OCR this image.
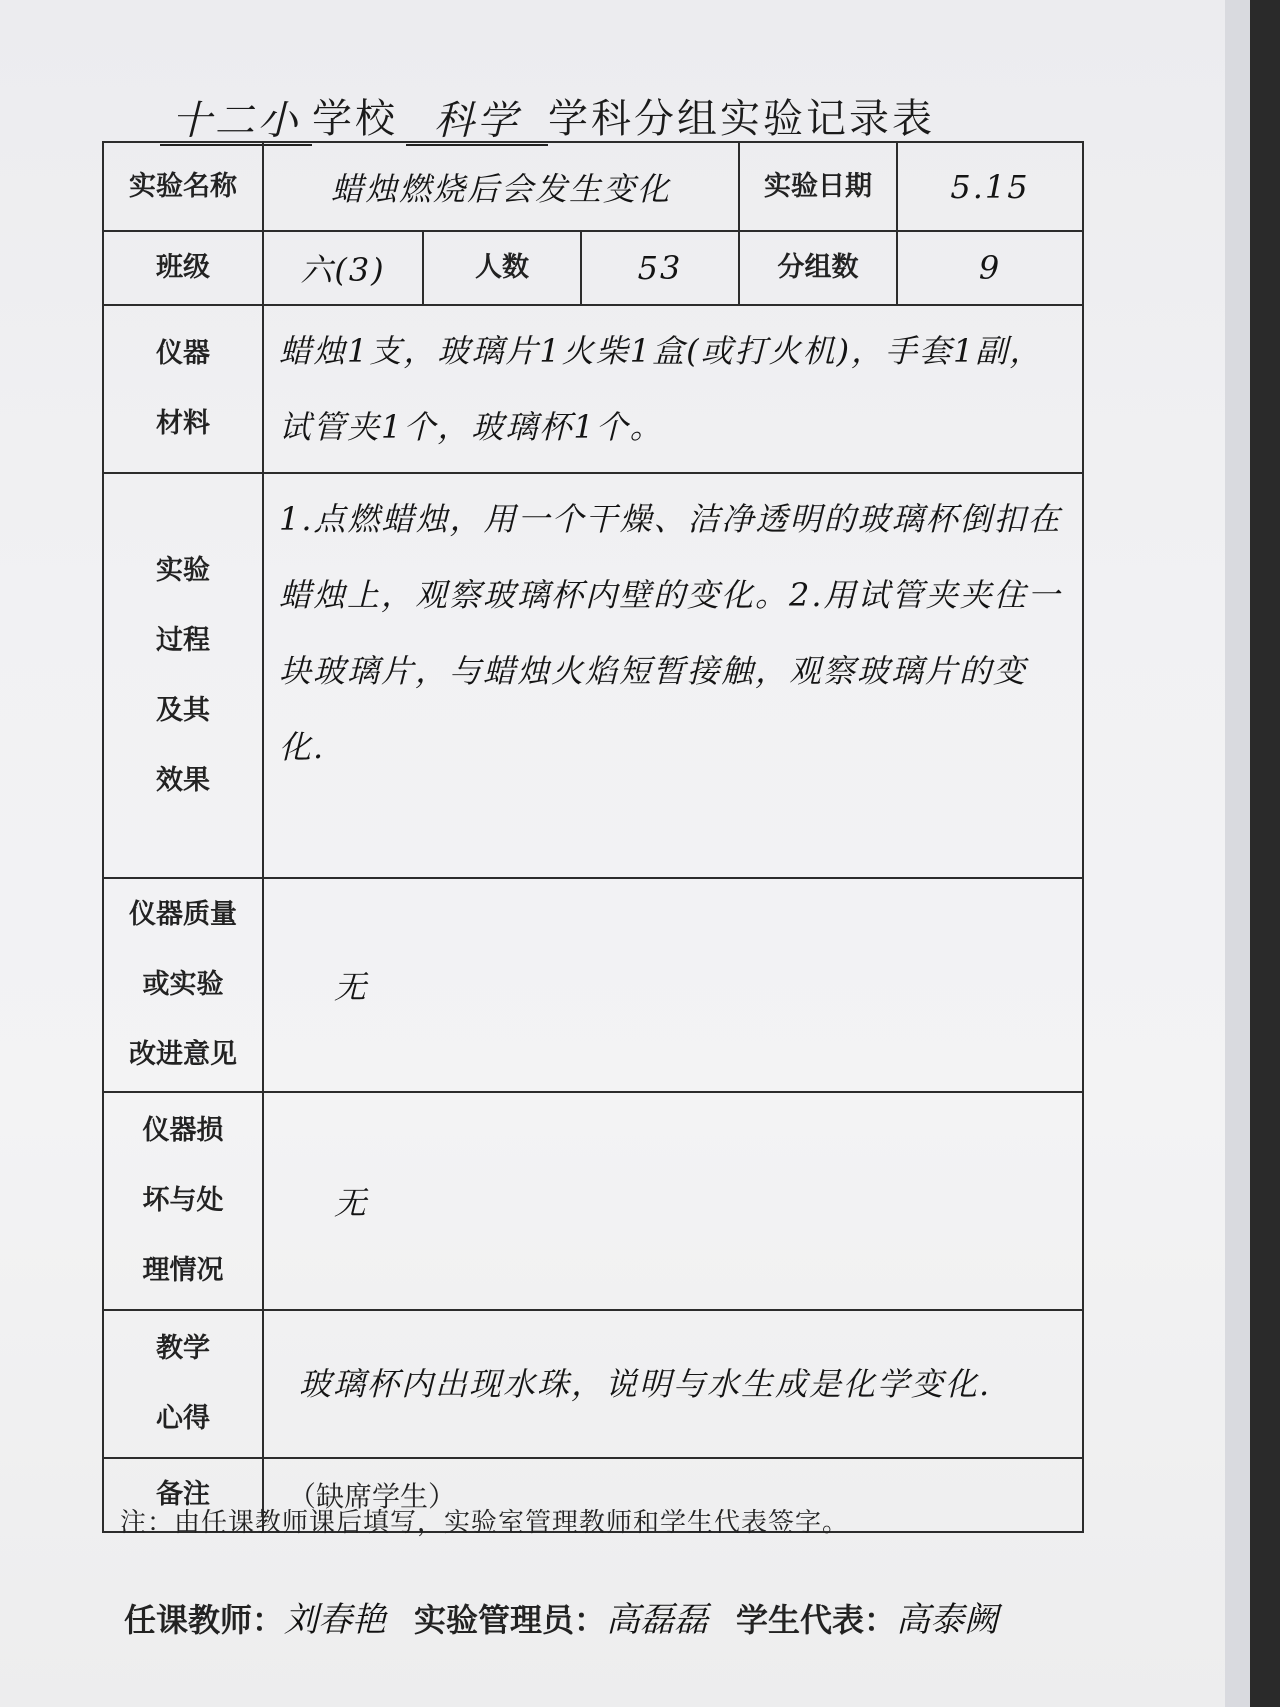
十二小 学校 科学 学科分组实验记录表
实验名称	蜡烛燃烧后会发生变化			实验日期	5.15
班级	六(3)	人数	53	分组数	9

仪器
材料	蜡烛1支，玻璃片1火柴1盒(或打火机)，手套1副，试管夹1个，玻璃杯1个。				

实验
过程
及其
效果	1.点燃蜡烛，用一个干燥、洁净透明的玻璃杯倒扣在蜡烛上，观察玻璃杯内壁的变化。2.用试管夹夹住一块玻璃片，与蜡烛火焰短暂接触，观察玻璃片的变化.				

仪器质量
或实验
改进意见	无				

仪器损
坏与处
理情况	无				

教学
心得	玻璃杯内出现水珠，说明与水生成是化学变化.				

备注	（缺席学生）				
注：由任课教师课后填写，实验室管理教师和学生代表签字。
任课教师： 刘春艳 实验管理员： 高磊磊 学生代表： 高泰阙
